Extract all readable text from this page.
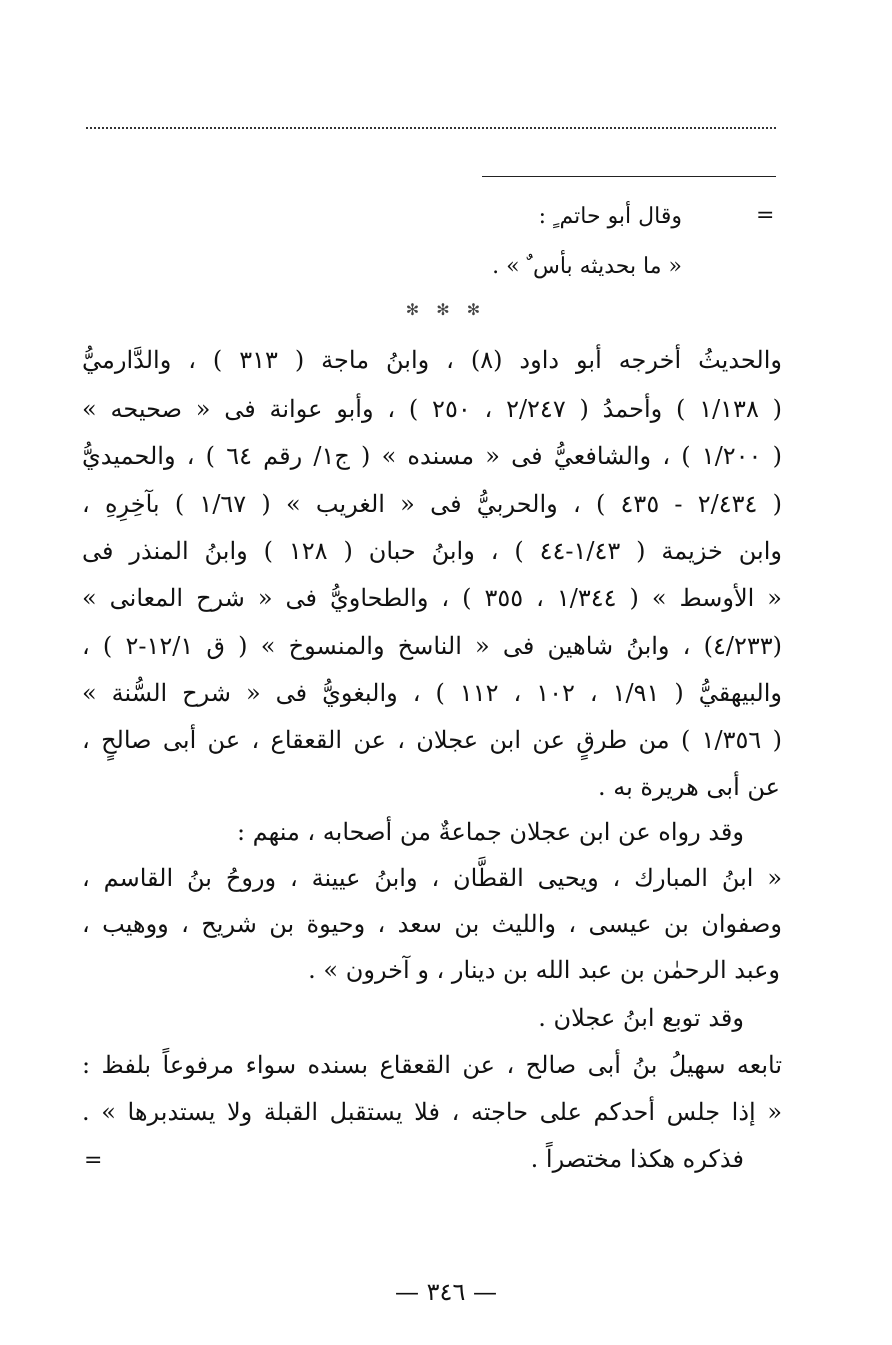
=
وقال أبو حاتم ٍ :
« ما بحديثه بأس ٌ » .
✻ ✻ ✻
والحديثُ أخرجه أبو داود (٨) ، وابنُ ماجة ( ٣١٣ ) ، والدَّارميُّ
( ١/١٣٨ ) وأحمدُ ( ٢/٢٤٧ ، ٢٥٠ ) ، وأبو عوانة فى « صحيحه »
( ١/٢٠٠ ) ، والشافعيُّ فى « مسنده » ( ج١/ رقم ٦٤ ) ، والحميديُّ
( ٢/٤٣٤ - ٤٣٥ ) ، والحربيُّ فى « الغريب » ( ١/٦٧ ) بآخِرِهِ ،
وابن خزيمة ( ١/٤٣-٤٤ ) ، وابنُ حبان ( ١٢٨ ) وابنُ المنذر فى
« الأوسط » ( ١/٣٤٤ ، ٣٥٥ ) ، والطحاويُّ فى « شرح المعانى »
(٤/٢٣٣) ، وابنُ شاهين فى « الناسخ والمنسوخ » ( ق ١٢/١-٢ ) ،
والبيهقيُّ ( ١/٩١ ، ١٠٢ ، ١١٢ ) ، والبغويُّ فى « شرح السُّنة »
( ١/٣٥٦ ) من طرقٍ عن ابن عجلان ، عن القعقاع ، عن أبى صالحٍ ،
عن أبى هريرة به .
وقد رواه عن ابن عجلان جماعةٌ من أصحابه ، منهم :
« ابنُ المبارك ، ويحيى القطَّان ، وابنُ عيينة ، وروحُ بنُ القاسم ،
وصفوان بن عيسى ، والليث بن سعد ، وحيوة بن شريح ، ووهيب ،
وعبد الرحمٰن بن عبد الله بن دينار ، و آخرون » .
وقد توبع ابنُ عجلان .
تابعه سهيلُ بنُ أبى صالح ، عن القعقاع بسنده سواء مرفوعاً بلفظ :
« إذا جلس أحدكم على حاجته ، فلا يستقبل القبلة ولا يستدبرها » .
فذكره هكذا مختصراً .
=
— ٣٤٦ —
